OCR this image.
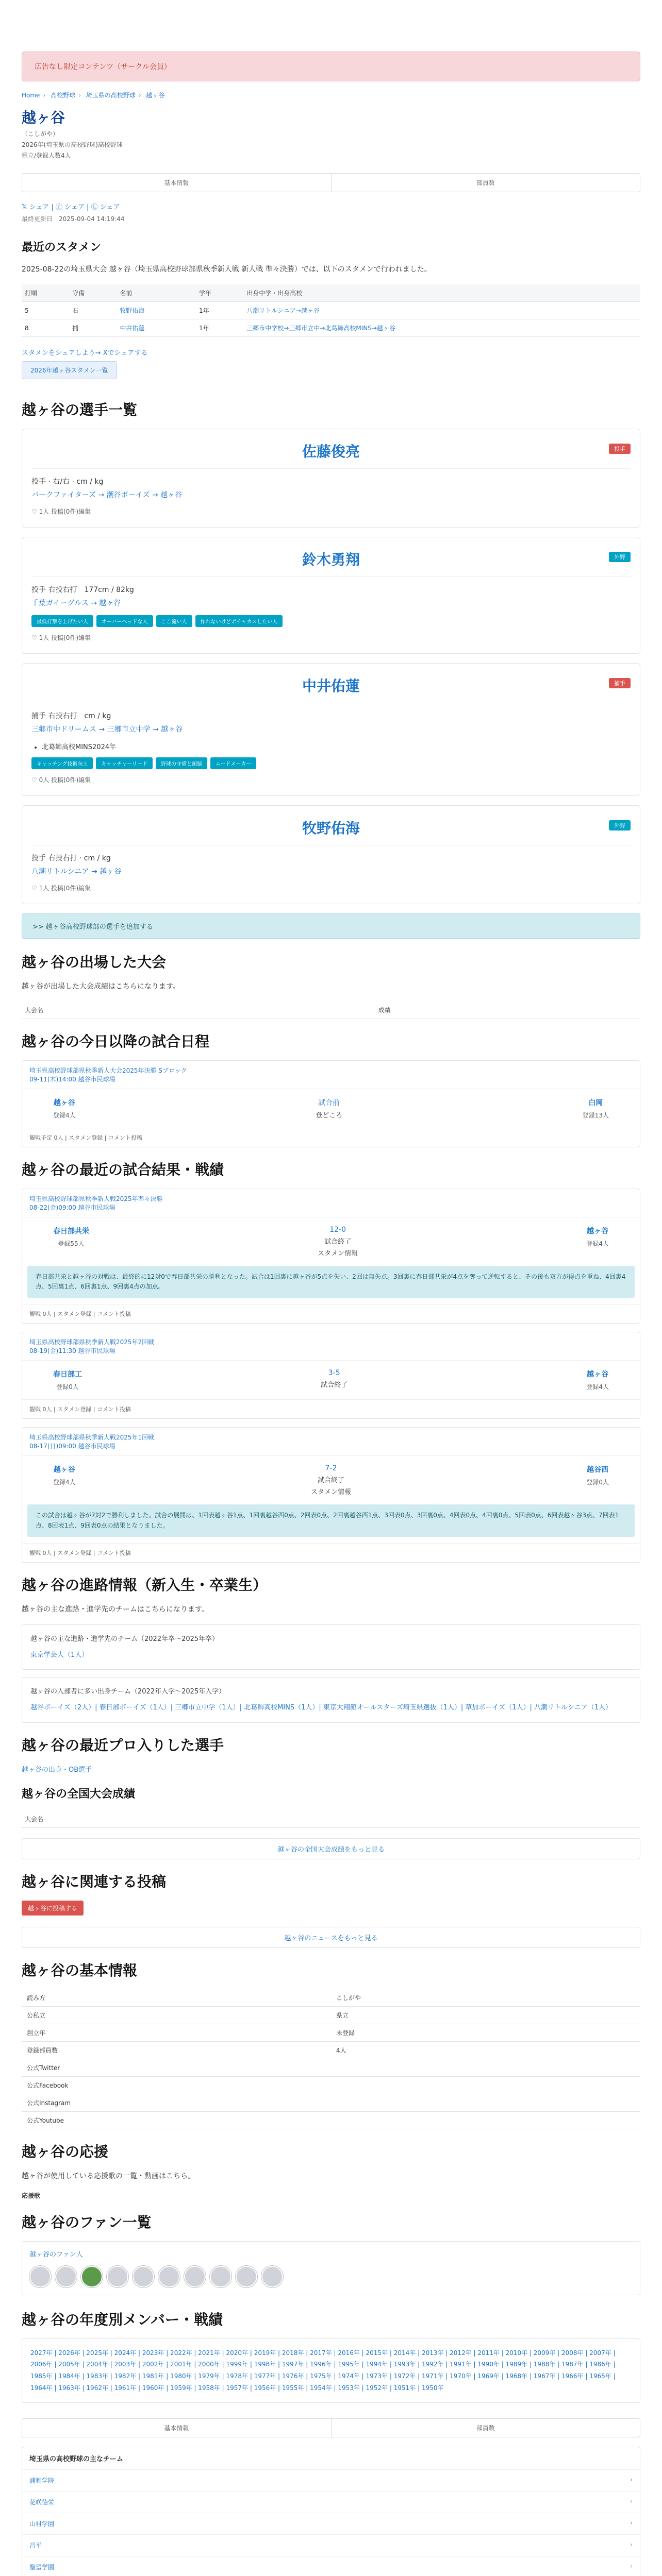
広告なし限定コンテンツ（サークル会員）
Home › 高校野球 › 埼玉県の高校野球 › 越ヶ谷
越ヶ谷
（こしがや）
2026年(埼玉県の高校野球)高校野球
県立/登録人数4人
基本情報	部員数
𝕏 シェア | ⓕ シェア | Ⓛ シェア
最終更新日　2025-09-04 14:19:44
最近のスタメン
2025-08-22の埼玉県大会 越ヶ谷（埼玉県高校野球部県秋季新人戦 新人戦 準々決勝）では、以下のスタメンで行われました。
打順	守備	名前	学年	出身中学・出身高校
5	右	牧野佑海	1年	八潮リトルシニア→越ヶ谷
8	捕	中井佑蓮	1年	三郷市中学校→三郷市立中→北葛飾高校MINS→越ヶ谷
スタメンをシェアしよう→ Xでシェアする
2026年越ヶ谷スタメン一覧
越ヶ谷の選手一覧
佐藤俊亮	投手
投手 · 右/右 · cm / kg
バークファイターズ → 潮谷ボーイズ → 越ヶ谷
♡ 1人 投稿(0件)編集
鈴木勇翔	外野
投手 右投右打　177cm / 82kg
千葉ガイーグルス → 越ヶ谷
最低打撃を上げたい人	オーバーヘッドな人	ここ流い人	作れないけどボチャカスしたい人
♡ 1人 投稿(0件)編集
中井佑蓮	捕手
捕手 右投右打　cm / kg
三郷市中ドリームス → 三郷市立中学 → 越ヶ谷
• 北葛飾高校MINS2024年
キャッチング技術向上	キャッチャーリード	野球の守備と頭脳	ムードメーカー
♡ 0人 投稿(0件)編集
牧野佑海	外野
投手 右投右打 · cm / kg
八潮リトルシニア → 越ヶ谷
♡ 1人 投稿(0件)編集
>> 越ヶ谷高校野球部の選手を追加する
越ヶ谷の出場した大会
越ヶ谷が出場した大会成績はこちらになります。
大会名	成績
越ヶ谷の今日以降の試合日程
埼玉県高校野球部県秋季新人大会2025年決勝 Sブロック
09-11(木)14:00 越谷市民球場
越ヶ谷
登録4人
試合前
登どころ
白岡
登録13人
観戦予定 0人 | スタメン登録 | コメント投稿
越ヶ谷の最近の試合結果・戦績
埼玉県高校野球部県秋季新人戦2025年準々決勝
08-22(金)09:00 越谷市民球場
春日部共栄
登録55人
12-0
試合終了
スタメン情報
越ヶ谷
登録4人
春日部共栄と越ヶ谷の対戦は、最終的に12対0で春日部共栄の勝利となった。試合は1回裏に越ヶ谷が5点を失い、2回は無失点。3回裏に春日部共栄が4点を奪って逆転すると、その後も双方が得点を重ね、4回裏4点、5回裏1点、6回裏1点、9回裏4点の加点。
観戦 0人 | スタメン登録 | コメント投稿
埼玉県高校野球部県秋季新人戦2025年2回戦
08-19(金)11:30 越谷市民球場
春日部工
登録0人
3-5
試合終了
越ヶ谷
登録4人
観戦 0人 | スタメン登録 | コメント投稿
埼玉県高校野球部県秋季新人戦2025年1回戦
08-17(日)09:00 越谷市民球場
越ヶ谷
登録4人
7-2
試合終了
スタメン情報
越谷西
登録0人
この試合は越ヶ谷が7対2で勝利しました。試合の展開は、1回表越ヶ谷1点、1回裏越谷西0点、2回表0点、2回裏越谷西1点、3回表0点、3回裏0点、4回表0点、4回裏0点、5回表0点、6回表越ヶ谷3点、7回表1点、8回表1点、9回表0点の結果となりました。
観戦 0人 | スタメン登録 | コメント投稿
越ヶ谷の進路情報（新入生・卒業生）
越ヶ谷の主な進路・進学先のチームはこちらになります。
越ヶ谷の主な進路・進学先のチーム（2022年卒〜2025年卒）
東京学芸大（1人）
越ヶ谷の入部者に多い出身チーム（2022年入学〜2025年入学）
越谷ボーイズ（2人）| 春日部ボーイズ（1人）| 三郷市立中学（1人）| 北葛飾高校MINS（1人）| 東京大翔館オールスターズ埼玉県選抜（1人）| 草加ボーイズ（1人）| 八潮リトルシニア（1人）
越ヶ谷の最近プロ入りした選手
越ヶ谷の出身・OB選手
越ヶ谷の全国大会成績
大会名
越ヶ谷の全国大会成績をもっと見る
越ヶ谷に関連する投稿
越ヶ谷に投稿する
越ヶ谷のニュースをもっと見る
越ヶ谷の基本情報
読み方	こしがや
公私立	県立
創立年	未登録
登録部員数	4人
公式Twitter	
公式Facebook	
公式Instagram	
公式Youtube	
越ヶ谷の応援
越ヶ谷が使用している応援歌の一覧・動画はこちら。
応援歌
越ヶ谷のファン一覧
越ヶ谷のファン人
越ヶ谷の年度別メンバー・戦績
2027年 | 2026年 | 2025年 | 2024年 | 2023年 | 2022年 | 2021年 | 2020年 | 2019年 | 2018年 | 2017年 | 2016年 | 2015年 | 2014年 | 2013年 | 2012年 | 2011年 | 2010年 | 2009年 | 2008年 | 2007年 | 2006年 | 2005年 | 2004年 | 2003年 | 2002年 | 2001年 | 2000年 | 1999年 | 1998年 | 1997年 | 1996年 | 1995年 | 1994年 | 1993年 | 1992年 | 1991年 | 1990年 | 1989年 | 1988年 | 1987年 | 1986年 | 1985年 | 1984年 | 1983年 | 1982年 | 1981年 | 1980年 | 1979年 | 1978年 | 1977年 | 1976年 | 1975年 | 1974年 | 1973年 | 1972年 | 1971年 | 1970年 | 1969年 | 1968年 | 1967年 | 1966年 | 1965年 | 1964年 | 1963年 | 1962年 | 1961年 | 1960年 | 1959年 | 1958年 | 1957年 | 1956年 | 1955年 | 1954年 | 1953年 | 1952年 | 1951年 | 1950年
基本情報	部員数
埼玉県の高校野球の主なチーム
浦和学院	›
花咲徳栄	›
山村学園	›
昌平	›
聖望学園	›
